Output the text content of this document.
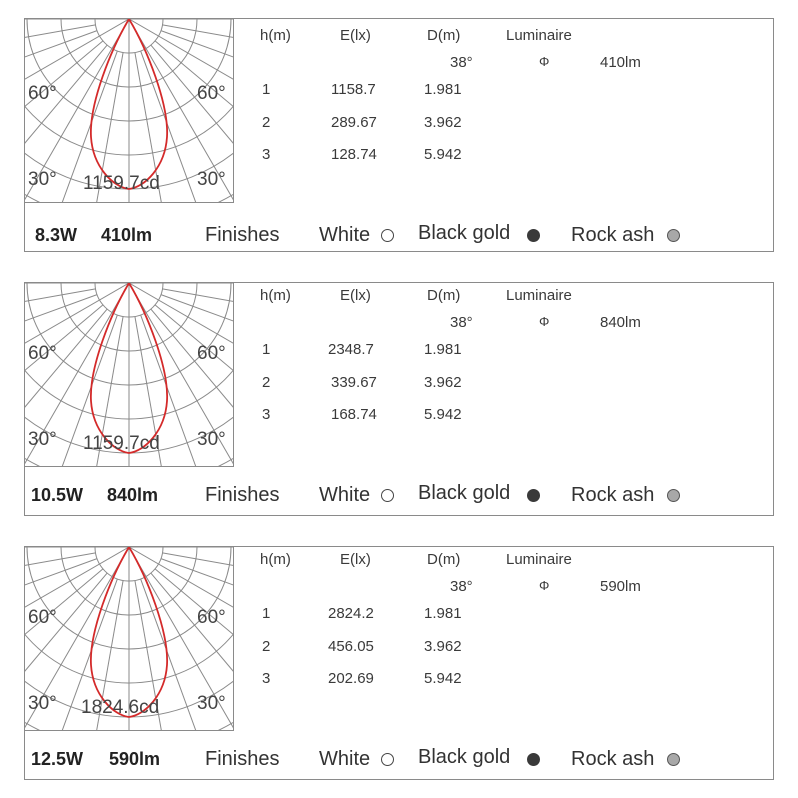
60°	60°
30°	30°
1159.7cd
h(m)	E(lx)	D(m)	Luminaire
38°	Φ	410lm
1	1158.7	1.981
2	289.67	3.962
3	128.74	5.942
8.3W 410lm	Finishes White Black gold	Rock ash
60°	60°
30°	30°
1159.7cd
h(m)	E(lx)	D(m)	Luminaire
38°	Φ	840lm
1	2348.7	1.981
2	339.67	3.962
3	168.74	5.942
10.5W 840lm Finishes White Black gold	Rock ash
60°	60°
30°	30°
1824.6cd
h(m)	E(lx)	D(m)	Luminaire
38°	Φ	590lm
1	2824.2	1.981
2	456.05	3.962
3	202.69	5.942
12.5W 590lm Finishes White Black gold	Rock ash
